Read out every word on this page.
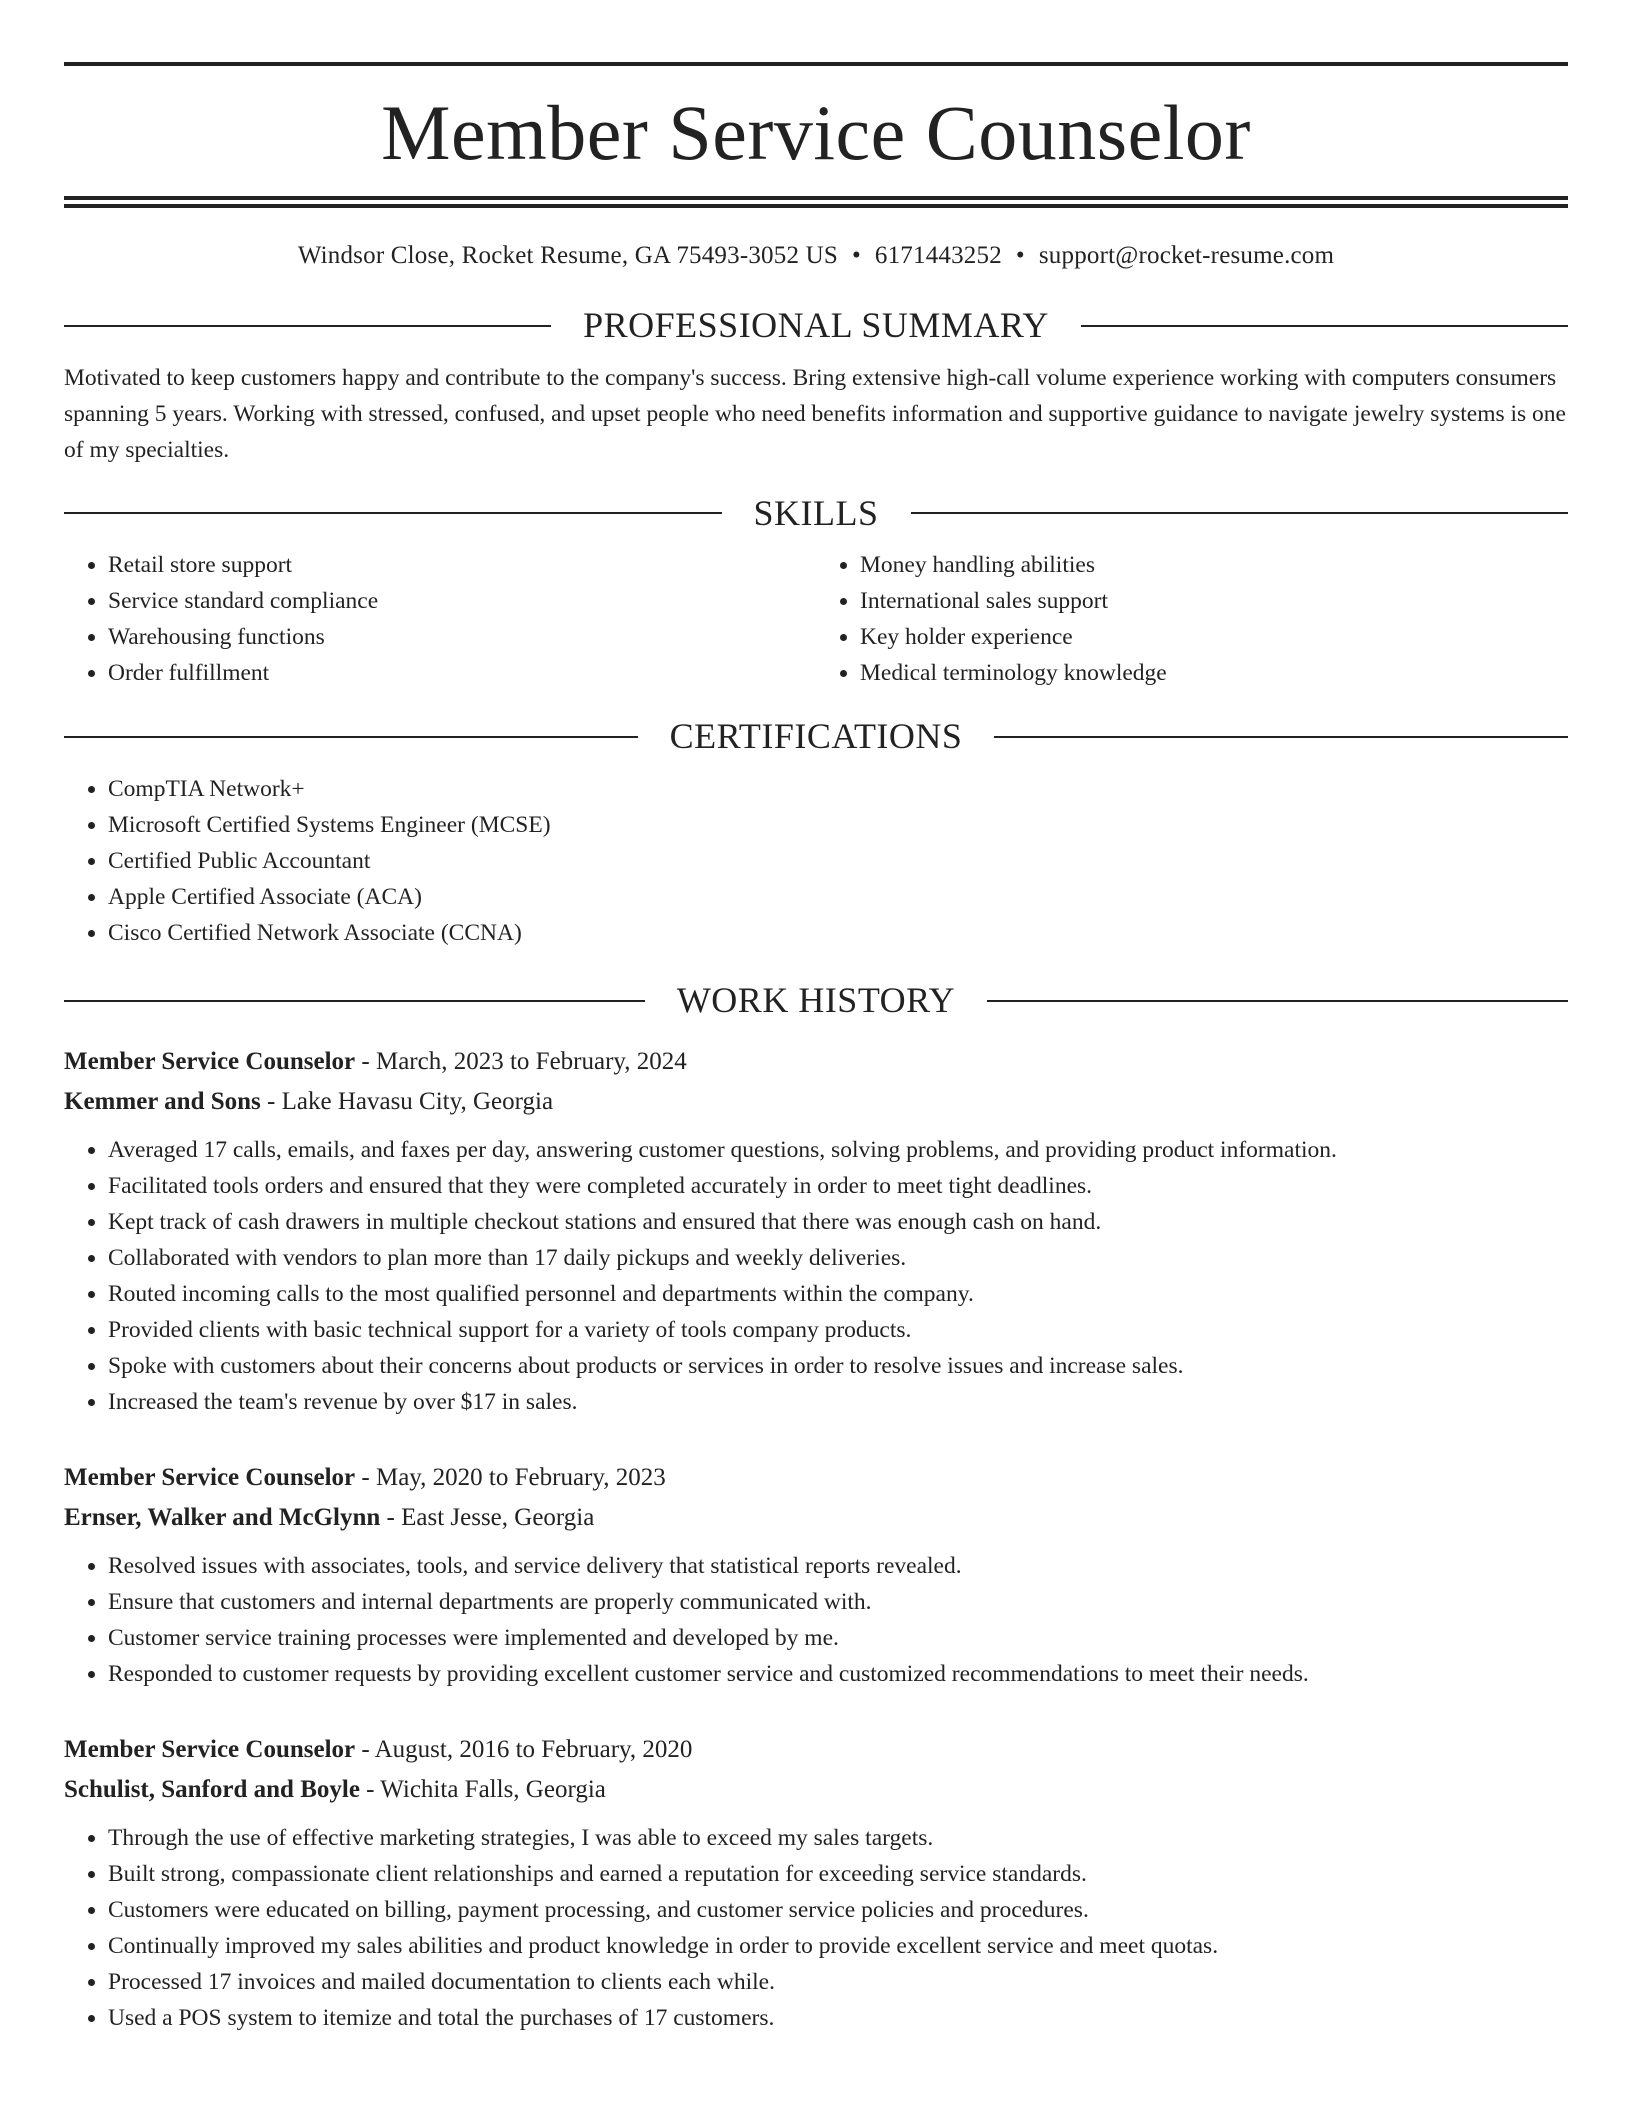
Member Service Counselor
Windsor Close, Rocket Resume, GA 75493-3052 US • 6171443252 • support@rocket-resume.com
PROFESSIONAL SUMMARY
Motivated to keep customers happy and contribute to the company's success. Bring extensive high-call volume experience working with computers consumers spanning 5 years. Working with stressed, confused, and upset people who need benefits information and supportive guidance to navigate jewelry systems is one of my specialties.
SKILLS
• Retail store support
• Service standard compliance
• Warehousing functions
• Order fulfillment
• Money handling abilities
• International sales support
• Key holder experience
• Medical terminology knowledge
CERTIFICATIONS
• CompTIA Network+
• Microsoft Certified Systems Engineer (MCSE)
• Certified Public Accountant
• Apple Certified Associate (ACA)
• Cisco Certified Network Associate (CCNA)
WORK HISTORY
Member Service Counselor - March, 2023 to February, 2024
Kemmer and Sons - Lake Havasu City, Georgia
• Averaged 17 calls, emails, and faxes per day, answering customer questions, solving problems, and providing product information.
• Facilitated tools orders and ensured that they were completed accurately in order to meet tight deadlines.
• Kept track of cash drawers in multiple checkout stations and ensured that there was enough cash on hand.
• Collaborated with vendors to plan more than 17 daily pickups and weekly deliveries.
• Routed incoming calls to the most qualified personnel and departments within the company.
• Provided clients with basic technical support for a variety of tools company products.
• Spoke with customers about their concerns about products or services in order to resolve issues and increase sales.
• Increased the team's revenue by over $17 in sales.
Member Service Counselor - May, 2020 to February, 2023
Ernser, Walker and McGlynn - East Jesse, Georgia
• Resolved issues with associates, tools, and service delivery that statistical reports revealed.
• Ensure that customers and internal departments are properly communicated with.
• Customer service training processes were implemented and developed by me.
• Responded to customer requests by providing excellent customer service and customized recommendations to meet their needs.
Member Service Counselor - August, 2016 to February, 2020
Schulist, Sanford and Boyle - Wichita Falls, Georgia
• Through the use of effective marketing strategies, I was able to exceed my sales targets.
• Built strong, compassionate client relationships and earned a reputation for exceeding service standards.
• Customers were educated on billing, payment processing, and customer service policies and procedures.
• Continually improved my sales abilities and product knowledge in order to provide excellent service and meet quotas.
• Processed 17 invoices and mailed documentation to clients each while.
• Used a POS system to itemize and total the purchases of 17 customers.
